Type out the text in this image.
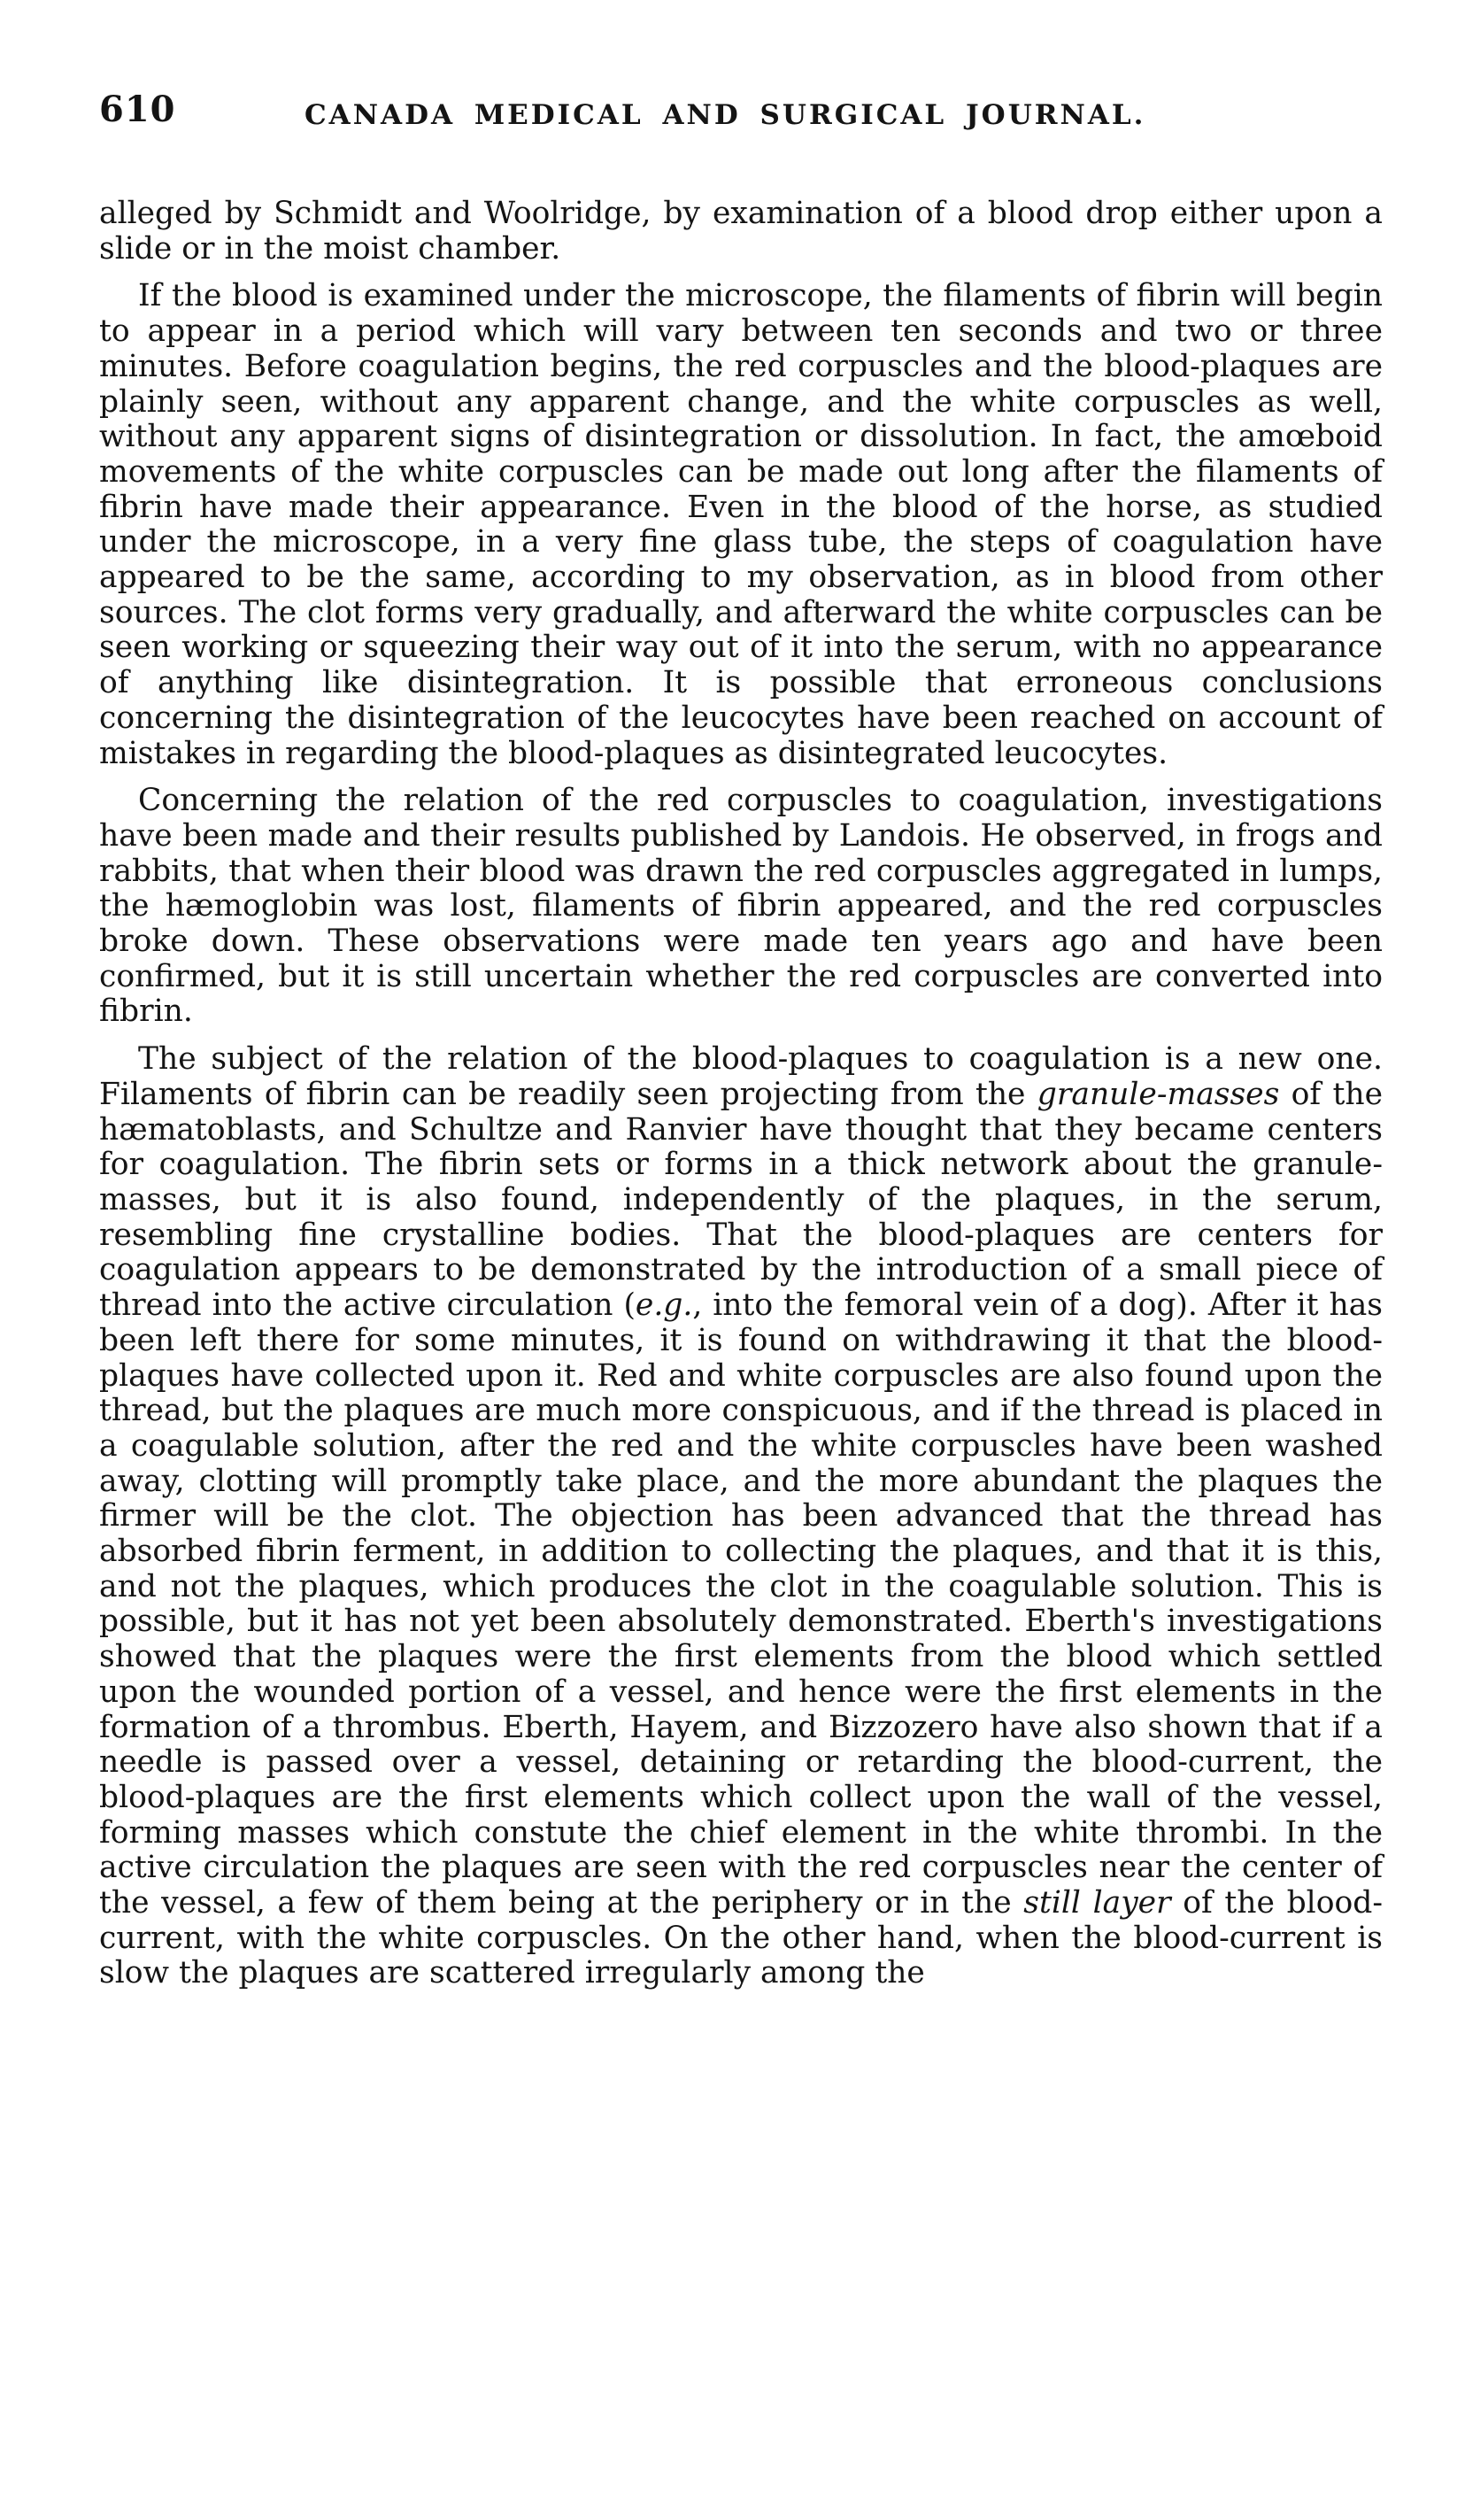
610	CANADA MEDICAL AND SURGICAL JOURNAL.

alleged by Schmidt and Woolridge, by examination of a blood drop either upon a slide or in the moist chamber.

If the blood is examined under the microscope, the filaments of fibrin will begin to appear in a period which will vary between ten seconds and two or three minutes. Before coagulation begins, the red corpuscles and the blood-plaques are plainly seen, without any apparent change, and the white corpuscles as well, without any apparent signs of disintegration or dissolution. In fact, the amœboid movements of the white corpuscles can be made out long after the filaments of fibrin have made their appearance. Even in the blood of the horse, as studied under the microscope, in a very fine glass tube, the steps of coagulation have appeared to be the same, according to my observation, as in blood from other sources. The clot forms very gradually, and afterward the white corpuscles can be seen working or squeezing their way out of it into the serum, with no appearance of anything like disintegration. It is possible that erroneous conclusions concerning the disintegration of the leucocytes have been reached on account of mistakes in regarding the blood-plaques as disintegrated leucocytes.

Concerning the relation of the red corpuscles to coagulation, investigations have been made and their results published by Landois. He observed, in frogs and rabbits, that when their blood was drawn the red corpuscles aggregated in lumps, the hæmoglobin was lost, filaments of fibrin appeared, and the red corpuscles broke down. These observations were made ten years ago and have been confirmed, but it is still uncertain whether the red corpuscles are converted into fibrin.

The subject of the relation of the blood-plaques to coagulation is a new one. Filaments of fibrin can be readily seen projecting from the granule-masses of the hæmatoblasts, and Schultze and Ranvier have thought that they became centers for coagulation. The fibrin sets or forms in a thick network about the granule-masses, but it is also found, independently of the plaques, in the serum, resembling fine crystalline bodies. That the blood-plaques are centers for coagulation appears to be demonstrated by the introduction of a small piece of thread into the active circulation (e.g., into the femoral vein of a dog). After it has been left there for some minutes, it is found on withdrawing it that the blood-plaques have collected upon it. Red and white corpuscles are also found upon the thread, but the plaques are much more conspicuous, and if the thread is placed in a coagulable solution, after the red and the white corpuscles have been washed away, clotting will promptly take place, and the more abundant the plaques the firmer will be the clot. The objection has been advanced that the thread has absorbed fibrin ferment, in addition to collecting the plaques, and that it is this, and not the plaques, which produces the clot in the coagulable solution. This is possible, but it has not yet been absolutely demonstrated. Eberth's investigations showed that the plaques were the first elements from the blood which settled upon the wounded portion of a vessel, and hence were the first elements in the formation of a thrombus. Eberth, Hayem, and Bizzozero have also shown that if a needle is passed over a vessel, detaining or retarding the blood-current, the blood-plaques are the first elements which collect upon the wall of the vessel, forming masses which constute the chief element in the white thrombi. In the active circulation the plaques are seen with the red corpuscles near the center of the vessel, a few of them being at the periphery or in the still layer of the blood-current, with the white corpuscles. On the other hand, when the blood-current is slow the plaques are scattered irregularly among the
